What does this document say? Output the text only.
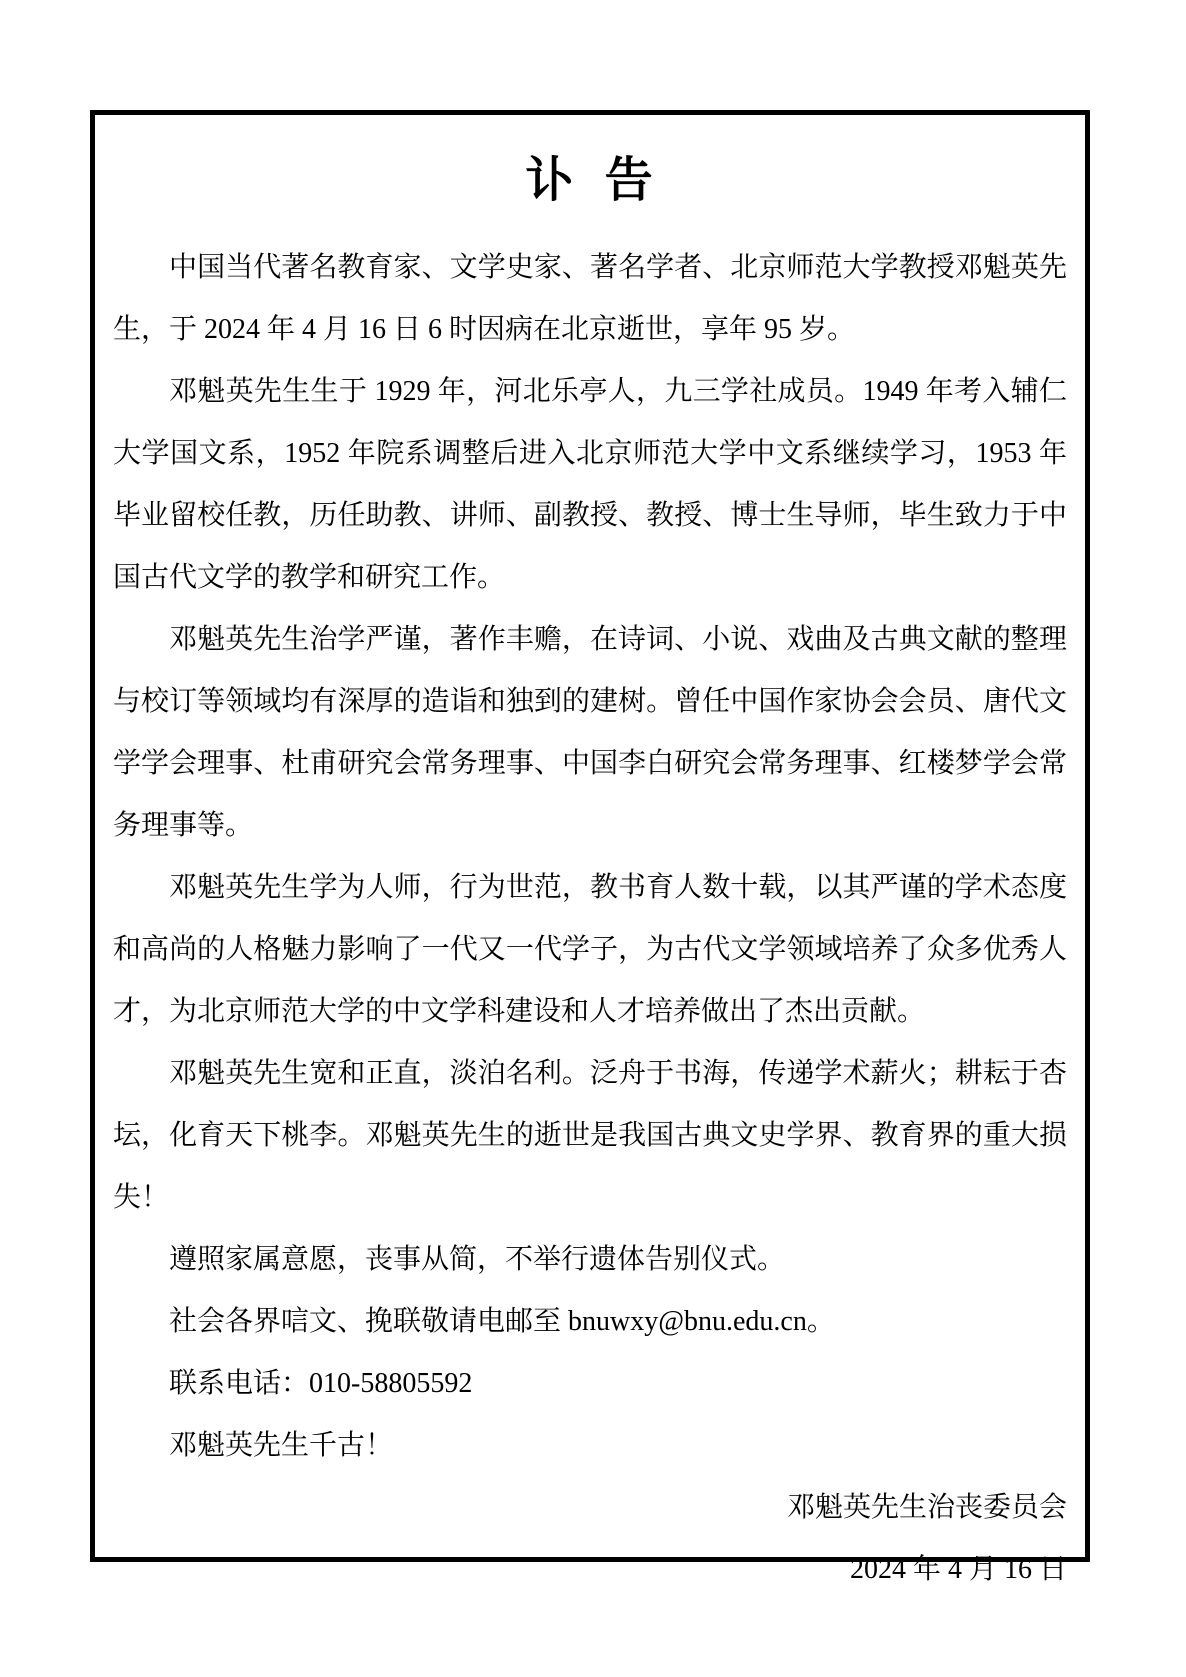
讣 告

中国当代著名教育家、文学史家、著名学者、北京师范大学教授邓魁英先生，于 2024 年 4 月 16 日 6 时因病在北京逝世，享年 95 岁。

邓魁英先生生于 1929 年，河北乐亭人，九三学社成员。1949 年考入辅仁大学国文系，1952 年院系调整后进入北京师范大学中文系继续学习，1953 年毕业留校任教，历任助教、讲师、副教授、教授、博士生导师，毕生致力于中国古代文学的教学和研究工作。

邓魁英先生治学严谨，著作丰赡，在诗词、小说、戏曲及古典文献的整理与校订等领域均有深厚的造诣和独到的建树。曾任中国作家协会会员、唐代文学学会理事、杜甫研究会常务理事、中国李白研究会常务理事、红楼梦学会常务理事等。

邓魁英先生学为人师，行为世范，教书育人数十载，以其严谨的学术态度和高尚的人格魅力影响了一代又一代学子，为古代文学领域培养了众多优秀人才，为北京师范大学的中文学科建设和人才培养做出了杰出贡献。

邓魁英先生宽和正直，淡泊名利。泛舟于书海，传递学术薪火；耕耘于杏坛，化育天下桃李。邓魁英先生的逝世是我国古典文史学界、教育界的重大损失！

遵照家属意愿，丧事从简，不举行遗体告别仪式。

社会各界唁文、挽联敬请电邮至 bnuwxy@bnu.edu.cn。

联系电话：010-58805592

邓魁英先生千古！

邓魁英先生治丧委员会

2024 年 4 月 16 日
